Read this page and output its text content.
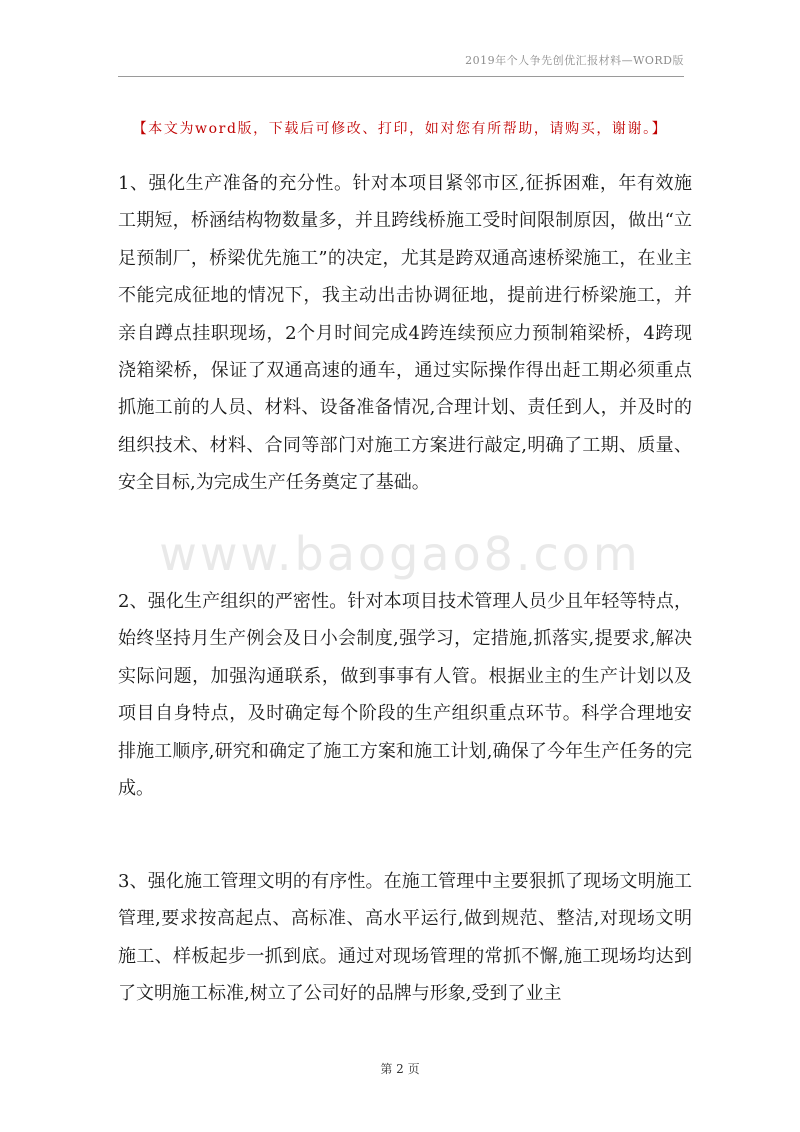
2019年个人争先创优汇报材料—WORD版
【本文为word版，下载后可修改、打印，如对您有所帮助，请购买，谢谢。】

1、强化生产准备的充分性。针对本项目紧邻市区,征拆困难，年有效施工期短，桥涵结构物数量多，并且跨线桥施工受时间限制原因，做出“立足预制厂，桥梁优先施工”的决定，尤其是跨双通高速桥梁施工，在业主不能完成征地的情况下，我主动出击协调征地，提前进行桥梁施工，并亲自蹲点挂职现场，2个月时间完成4跨连续预应力预制箱梁桥，4跨现浇箱梁桥，保证了双通高速的通车，通过实际操作得出赶工期必须重点抓施工前的人员、材料、设备准备情况,合理计划、责任到人，并及时的组织技术、材料、合同等部门对施工方案进行敲定,明确了工期、质量、安全目标,为完成生产任务奠定了基础。

www.baogao8.com

2、强化生产组织的严密性。针对本项目技术管理人员少且年轻等特点，始终坚持月生产例会及日小会制度,强学习，定措施,抓落实,提要求,解决实际问题，加强沟通联系，做到事事有人管。根据业主的生产计划以及项目自身特点，及时确定每个阶段的生产组织重点环节。科学合理地安排施工顺序,研究和确定了施工方案和施工计划,确保了今年生产任务的完成。

3、强化施工管理文明的有序性。在施工管理中主要狠抓了现场文明施工管理,要求按高起点、高标准、高水平运行,做到规范、整洁,对现场文明施工、样板起步一抓到底。通过对现场管理的常抓不懈,施工现场均达到了文明施工标准,树立了公司好的品牌与形象,受到了业主

第 2 页
